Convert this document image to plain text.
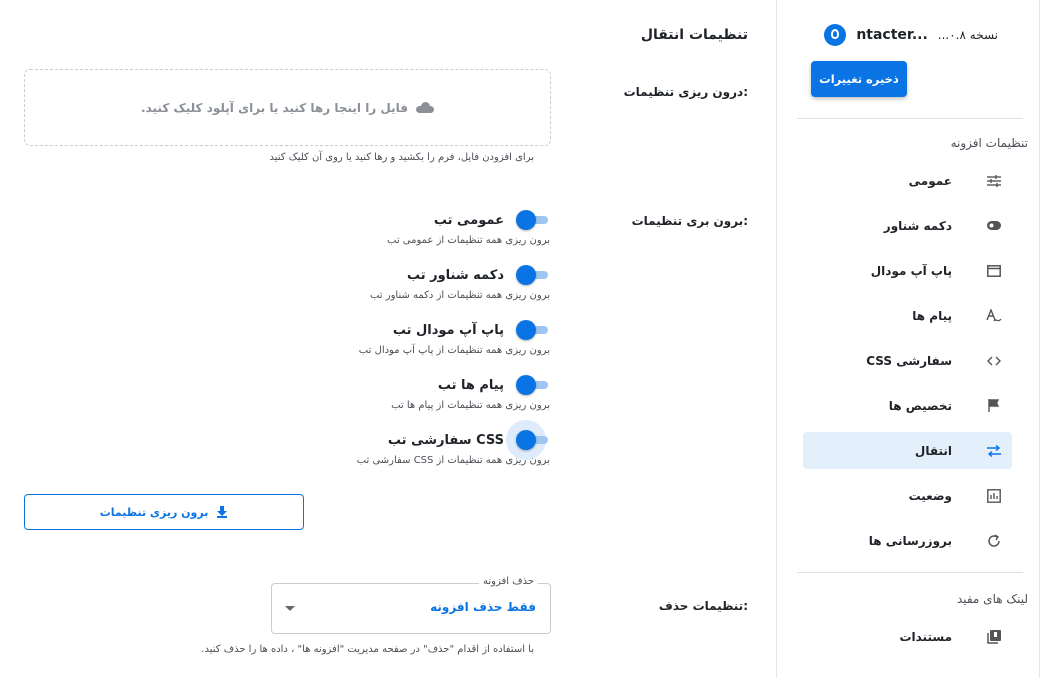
نسخه ۰.۸...
ntacter...
ذخیره تغییرات
تنظیمات افزونه
عمومی
دکمه شناور
پاپ آپ مودال
پیام ها
CSS سفارشی
تخصیص ها
انتقال
وضعیت
بروزرسانی ها
لینک های مفید
مستندات
تنظیمات انتقال
درون ریزی تنظیمات:
فایل را اینجا رها کنید یا برای آپلود کلیک کنید.
برای افزودن فایل، فرم را بکشید و رها کنید یا روی آن کلیک کنید
برون بری تنظیمات:
عمومی تب
برون ریزی همه تنظیمات از عمومی تب
دکمه شناور تب
برون ریزی همه تنظیمات از دکمه شناور تب
پاپ آپ مودال تب
برون ریزی همه تنظیمات از پاپ آپ مودال تب
پیام ها تب
برون ریزی همه تنظیمات از پیام ها تب
CSS سفارشی تب
برون ریزی همه تنظیمات از CSS سفارشی تب
برون ریزی تنظیمات
تنظیمات حذف:
حذف افزونه
فقط حذف افزونه
با استفاده از اقدام "حذف" در صفحه مدیریت "افزونه ها" ، داده ها را حذف کنید.
